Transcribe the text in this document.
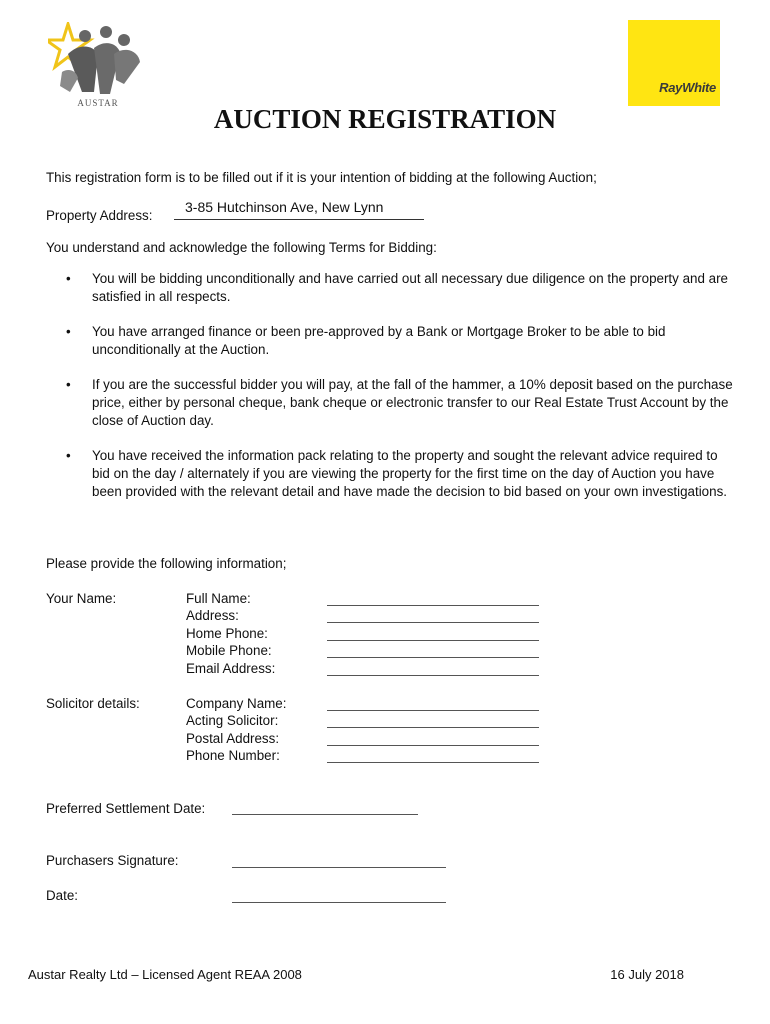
AUSTAR
RayWhite
AUCTION REGISTRATION
This registration form is to be filled out if it is your intention of bidding at the following Auction;
Property Address:
3-85 Hutchinson Ave, New Lynn
You understand and acknowledge the following Terms for Bidding:
• You will be bidding unconditionally and have carried out all necessary due diligence on the property and are satisfied in all respects.
• You have arranged finance or been pre-approved by a Bank or Mortgage Broker to be able to bid unconditionally at the Auction.
• If you are the successful bidder you will pay, at the fall of the hammer, a 10% deposit based on the purchase price, either by personal cheque, bank cheque or electronic transfer to our Real Estate Trust Account by the close of Auction day.
• You have received the information pack relating to the property and sought the relevant advice required to bid on the day / alternately if you are viewing the property for the first time on the day of Auction you have been provided with the relevant detail and have made the decision to bid based on your own investigations.
Please provide the following information;
Your Name:	Full Name:
Address:
Home Phone:
Mobile Phone:
Email Address:
Solicitor details:	Company Name:
Acting Solicitor:
Postal Address:
Phone Number:
Preferred Settlement Date:
Purchasers Signature:
Date:
Austar Realty Ltd – Licensed Agent REAA 2008	16 July 2018
